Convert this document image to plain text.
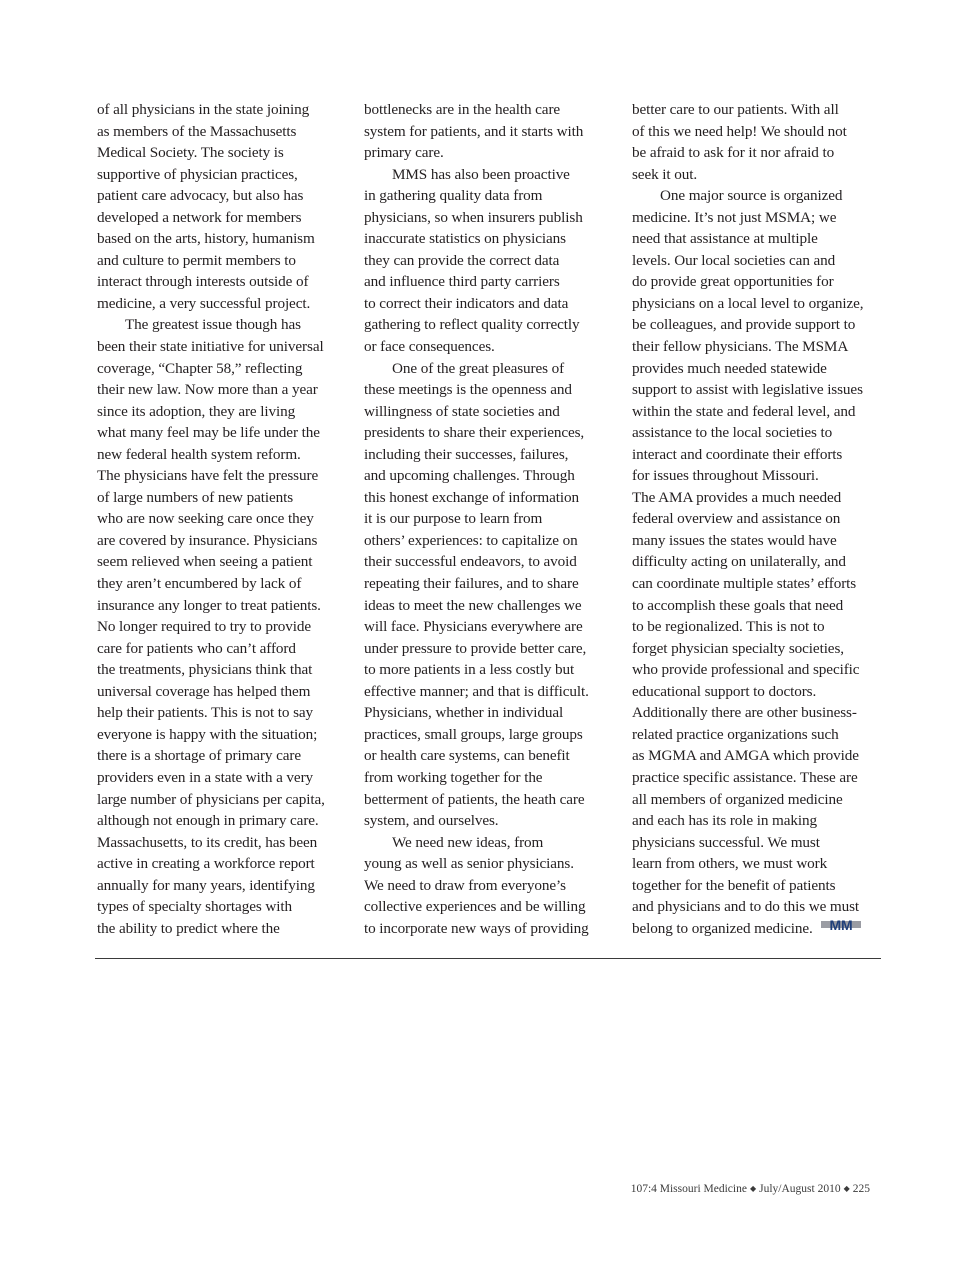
of all physicians in the state joining
as members of the Massachusetts
Medical Society. The society is
supportive of physician practices,
patient care advocacy, but also has
developed a network for members
based on the arts, history, humanism
and culture to permit members to
interact through interests outside of
medicine, a very successful project.
The greatest issue though has
been their state initiative for universal
coverage, “Chapter 58,” reflecting
their new law. Now more than a year
since its adoption, they are living
what many feel may be life under the
new federal health system reform.
The physicians have felt the pressure
of large numbers of new patients
who are now seeking care once they
are covered by insurance. Physicians
seem relieved when seeing a patient
they aren’t encumbered by lack of
insurance any longer to treat patients.
No longer required to try to provide
care for patients who can’t afford
the treatments, physicians think that
universal coverage has helped them
help their patients. This is not to say
everyone is happy with the situation;
there is a shortage of primary care
providers even in a state with a very
large number of physicians per capita,
although not enough in primary care.
Massachusetts, to its credit, has been
active in creating a workforce report
annually for many years, identifying
types of specialty shortages with
the ability to predict where the
bottlenecks are in the health care
system for patients, and it starts with
primary care.
MMS has also been proactive
in gathering quality data from
physicians, so when insurers publish
inaccurate statistics on physicians
they can provide the correct data
and influence third party carriers
to correct their indicators and data
gathering to reflect quality correctly
or face consequences.
One of the great pleasures of
these meetings is the openness and
willingness of state societies and
presidents to share their experiences,
including their successes, failures,
and upcoming challenges. Through
this honest exchange of information
it is our purpose to learn from
others’ experiences: to capitalize on
their successful endeavors, to avoid
repeating their failures, and to share
ideas to meet the new challenges we
will face. Physicians everywhere are
under pressure to provide better care,
to more patients in a less costly but
effective manner; and that is difficult.
Physicians, whether in individual
practices, small groups, large groups
or health care systems, can benefit
from working together for the
betterment of patients, the heath care
system, and ourselves.
We need new ideas, from
young as well as senior physicians.
We need to draw from everyone’s
collective experiences and be willing
to incorporate new ways of providing
better care to our patients. With all
of this we need help! We should not
be afraid to ask for it nor afraid to
seek it out.
One major source is organized
medicine. It’s not just MSMA; we
need that assistance at multiple
levels. Our local societies can and
do provide great opportunities for
physicians on a local level to organize,
be colleagues, and provide support to
their fellow physicians. The MSMA
provides much needed statewide
support to assist with legislative issues
within the state and federal level, and
assistance to the local societies to
interact and coordinate their efforts
for issues throughout Missouri.
The AMA provides a much needed
federal overview and assistance on
many issues the states would have
difficulty acting on unilaterally, and
can coordinate multiple states’ efforts
to accomplish these goals that need
to be regionalized. This is not to
forget physician specialty societies,
who provide professional and specific
educational support to doctors.
Additionally there are other business-
related practice organizations such
as MGMA and AMGA which provide
practice specific assistance. These are
all members of organized medicine
and each has its role in making
physicians successful. We must
learn from others, we must work
together for the benefit of patients
and physicians and to do this we must
belong to organized medicine. MM
107:4 Missouri Medicine ◆ July/August 2010 ◆ 225
